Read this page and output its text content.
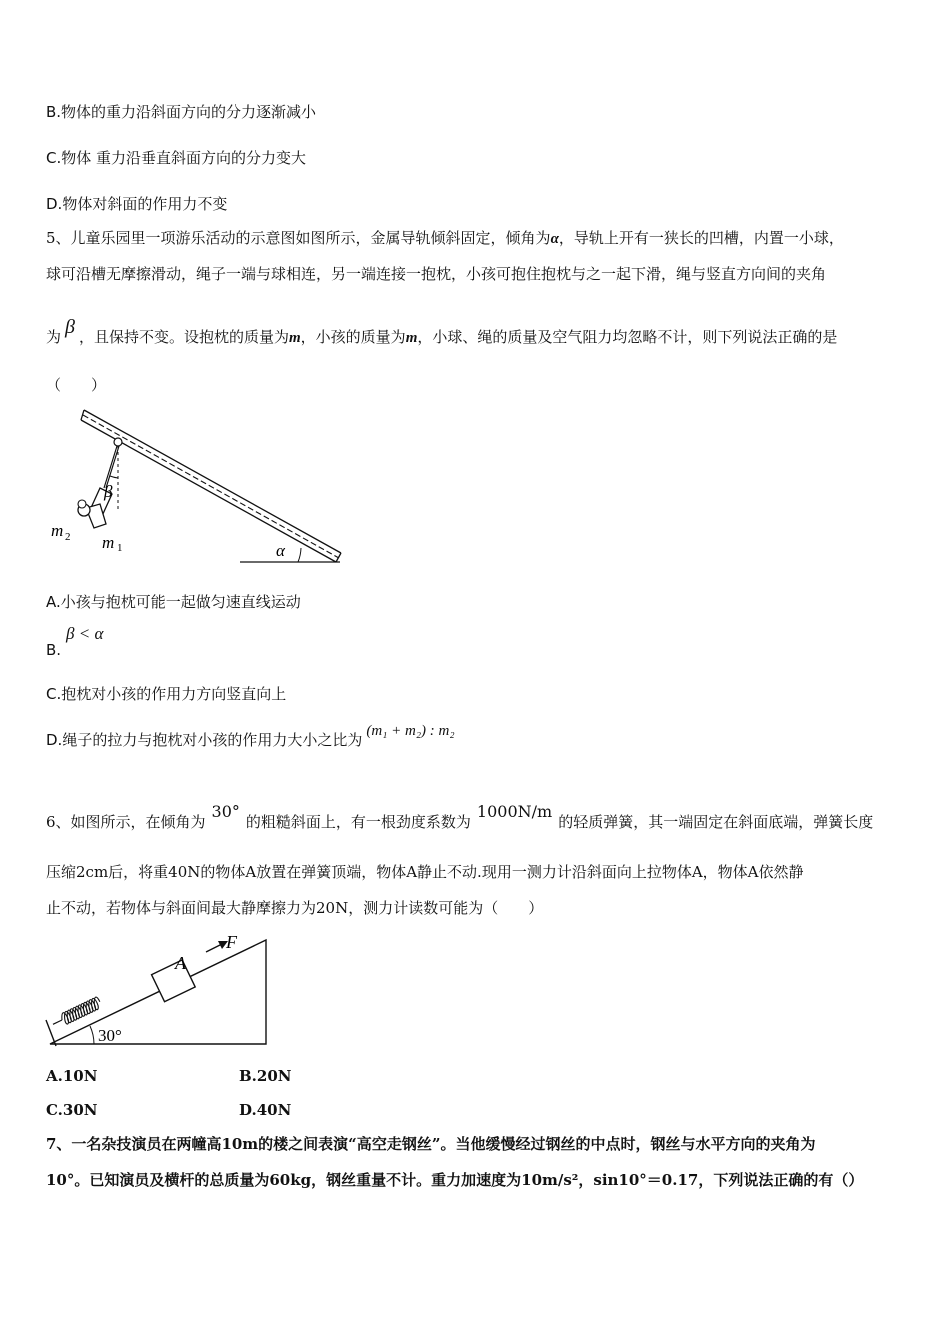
B.物体的重力沿斜面方向的分力逐渐减小
C.物体 重力沿垂直斜面方向的分力变大
D.物体对斜面的作用力不变
5、儿童乐园里一项游乐活动的示意图如图所示，金属导轨倾斜固定，倾角为α，导轨上开有一狭长的凹槽，内置一小球，
球可沿槽无摩擦滑动，绳子一端与球相连，另一端连接一抱枕，小孩可抱住抱枕与之一起下滑，绳与竖直方向间的夹角
为 β ，且保持不变。设抱枕的质量为m，小孩的质量为m，小球、绳的质量及空气阻力均忽略不计，则下列说法正确的是
（　　）
m 2 m 1
β
α
A.小孩与抱枕可能一起做匀速直线运动
B.
β < α
C.抱枕对小孩的作用力方向竖直向上
D.绳子的拉力与抱枕对小孩的作用力大小之比为 (m₁ + m₂) : m₂
6、如图所示，在倾角为30°的粗糙斜面上，有一根劲度系数为1000N/m的轻质弹簧，其一端固定在斜面底端，弹簧长度
压缩2cm后，将重40N的物体A放置在弹簧顶端，物体A静止不动.现用一测力计沿斜面向上拉物体A，物体A依然静
止不动，若物体与斜面间最大静摩擦力为20N，测力计读数可能为（　　）
A
F
30°
A.10N	B.20N
C.30N	D.40N
7、一名杂技演员在两幢高10m的楼之间表演“高空走钢丝”。当他缓慢经过钢丝的中点时，钢丝与水平方向的夹角为
10°。已知演员及横杆的总质量为60kg，钢丝重量不计。重力加速度为10m/s²，sin10°＝0.17，下列说法正确的有（）
